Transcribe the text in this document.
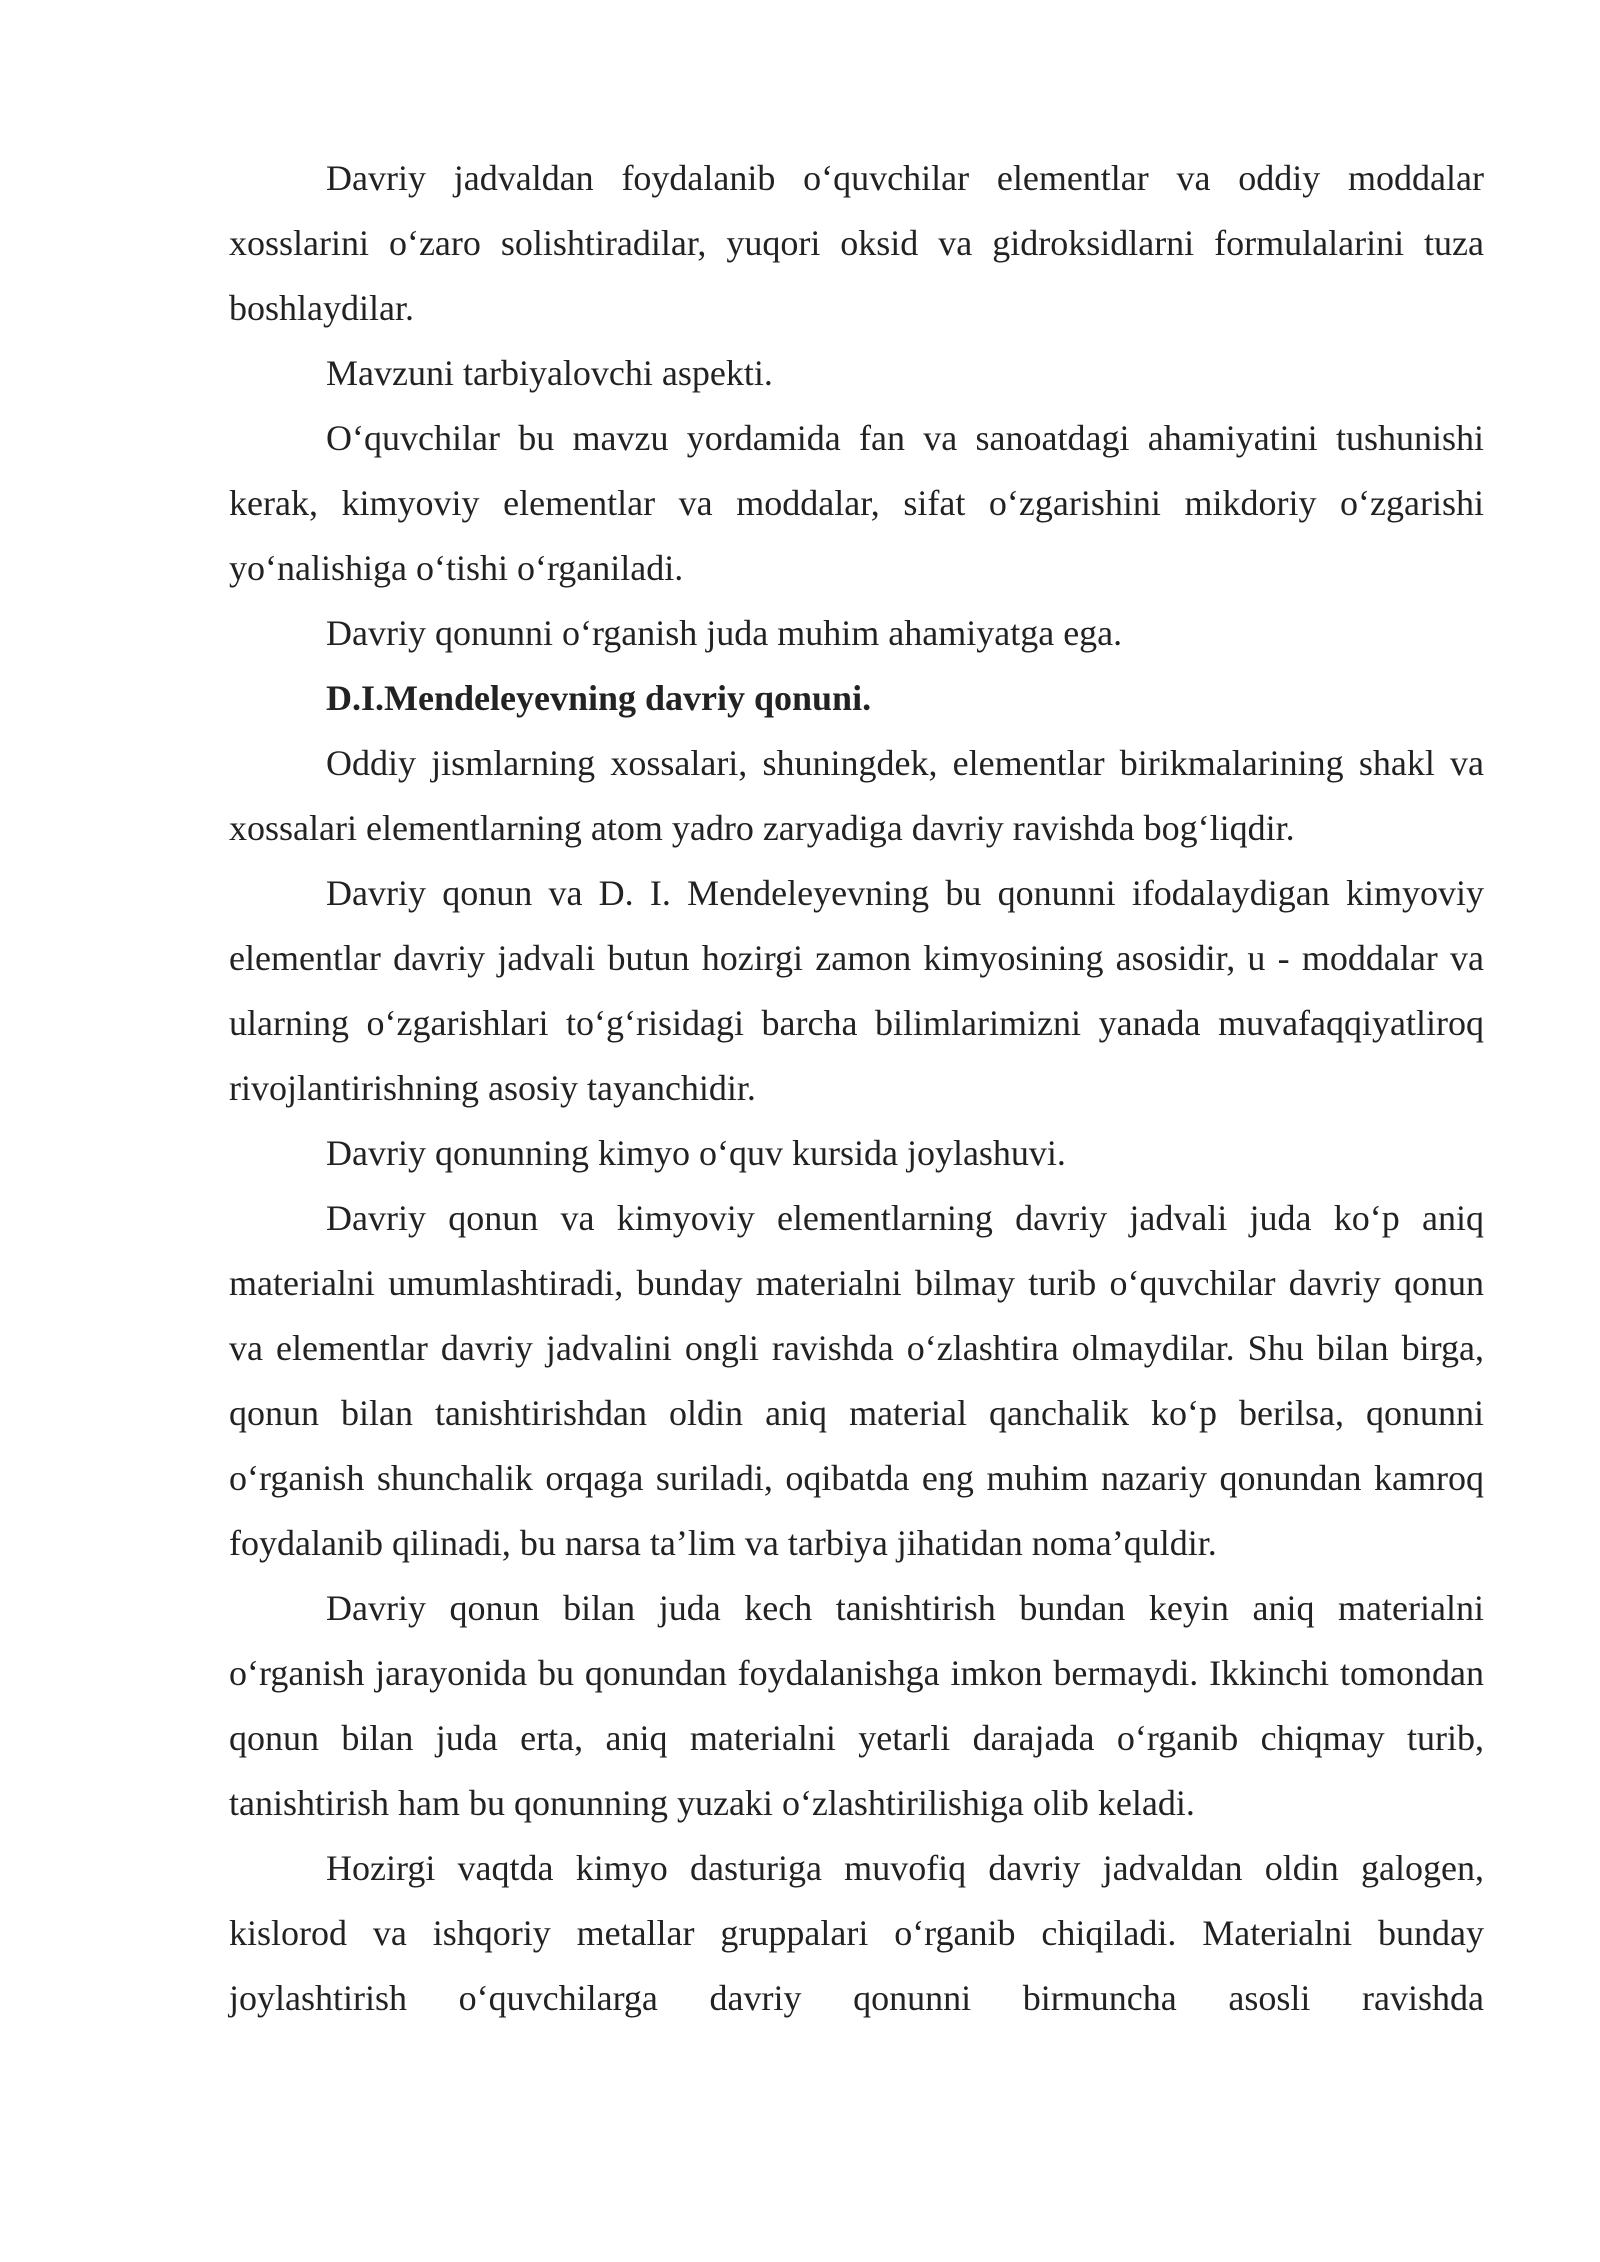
Davriy jadvaldan foydalanib o‘quvchilar elementlar va oddiy moddalar xosslarini o‘zaro solishtiradilar, yuqori oksid va gidroksidlarni formulalarini tuza boshlaydilar.

Mavzuni tarbiyalovchi aspekti.

O‘quvchilar bu mavzu yordamida fan va sanoatdagi ahamiyatini tushunishi kerak, kimyoviy elementlar va moddalar, sifat o‘zgarishini mikdoriy o‘zgarishi yo‘nalishiga o‘tishi o‘rganiladi.

Davriy qonunni o‘rganish juda muhim ahamiyatga ega.

D.I.Mendeleyevning davriy qonuni.

Oddiy jismlarning xossalari, shuningdek, elementlar birikmalarining shakl va xossalari elementlarning atom yadro zaryadiga davriy ravishda bog‘liqdir.

Davriy qonun va D. I. Mendeleyevning bu qonunni ifodalaydigan kimyoviy elementlar davriy jadvali butun hozirgi zamon kimyosining asosidir, u - moddalar va ularning o‘zgarishlari to‘g‘risidagi barcha bilimlarimizni yanada muvafaqqiyatliroq rivojlantirishning asosiy tayanchidir.

Davriy qonunning kimyo o‘quv kursida joylashuvi.

Davriy qonun va kimyoviy elementlarning davriy jadvali juda ko‘p aniq materialni umumlashtiradi, bunday materialni bilmay turib o‘quvchilar davriy qonun va elementlar davriy jadvalini ongli ravishda o‘zlashtira olmaydilar. Shu bilan birga, qonun bilan tanishtirishdan oldin aniq material qanchalik ko‘p berilsa, qonunni o‘rganish shunchalik orqaga suriladi, oqibatda eng muhim nazariy qonundan kamroq foydalanib qilinadi, bu narsa ta’lim va tarbiya jihatidan noma’quldir.

Davriy qonun bilan juda kech tanishtirish bundan keyin aniq materialni o‘rganish jarayonida bu qonundan foydalanishga imkon bermaydi. Ikkinchi tomondan qonun bilan juda erta, aniq materialni yetarli darajada o‘rganib chiqmay turib, tanishtirish ham bu qonunning yuzaki o‘zlashtirilishiga olib keladi.

Hozirgi vaqtda kimyo dasturiga muvofiq davriy jadvaldan oldin galogen, kislorod va ishqoriy metallar gruppalari o‘rganib chiqiladi. Materialni bunday joylashtirish o‘quvchilarga davriy qonunni birmuncha asosli ravishda
